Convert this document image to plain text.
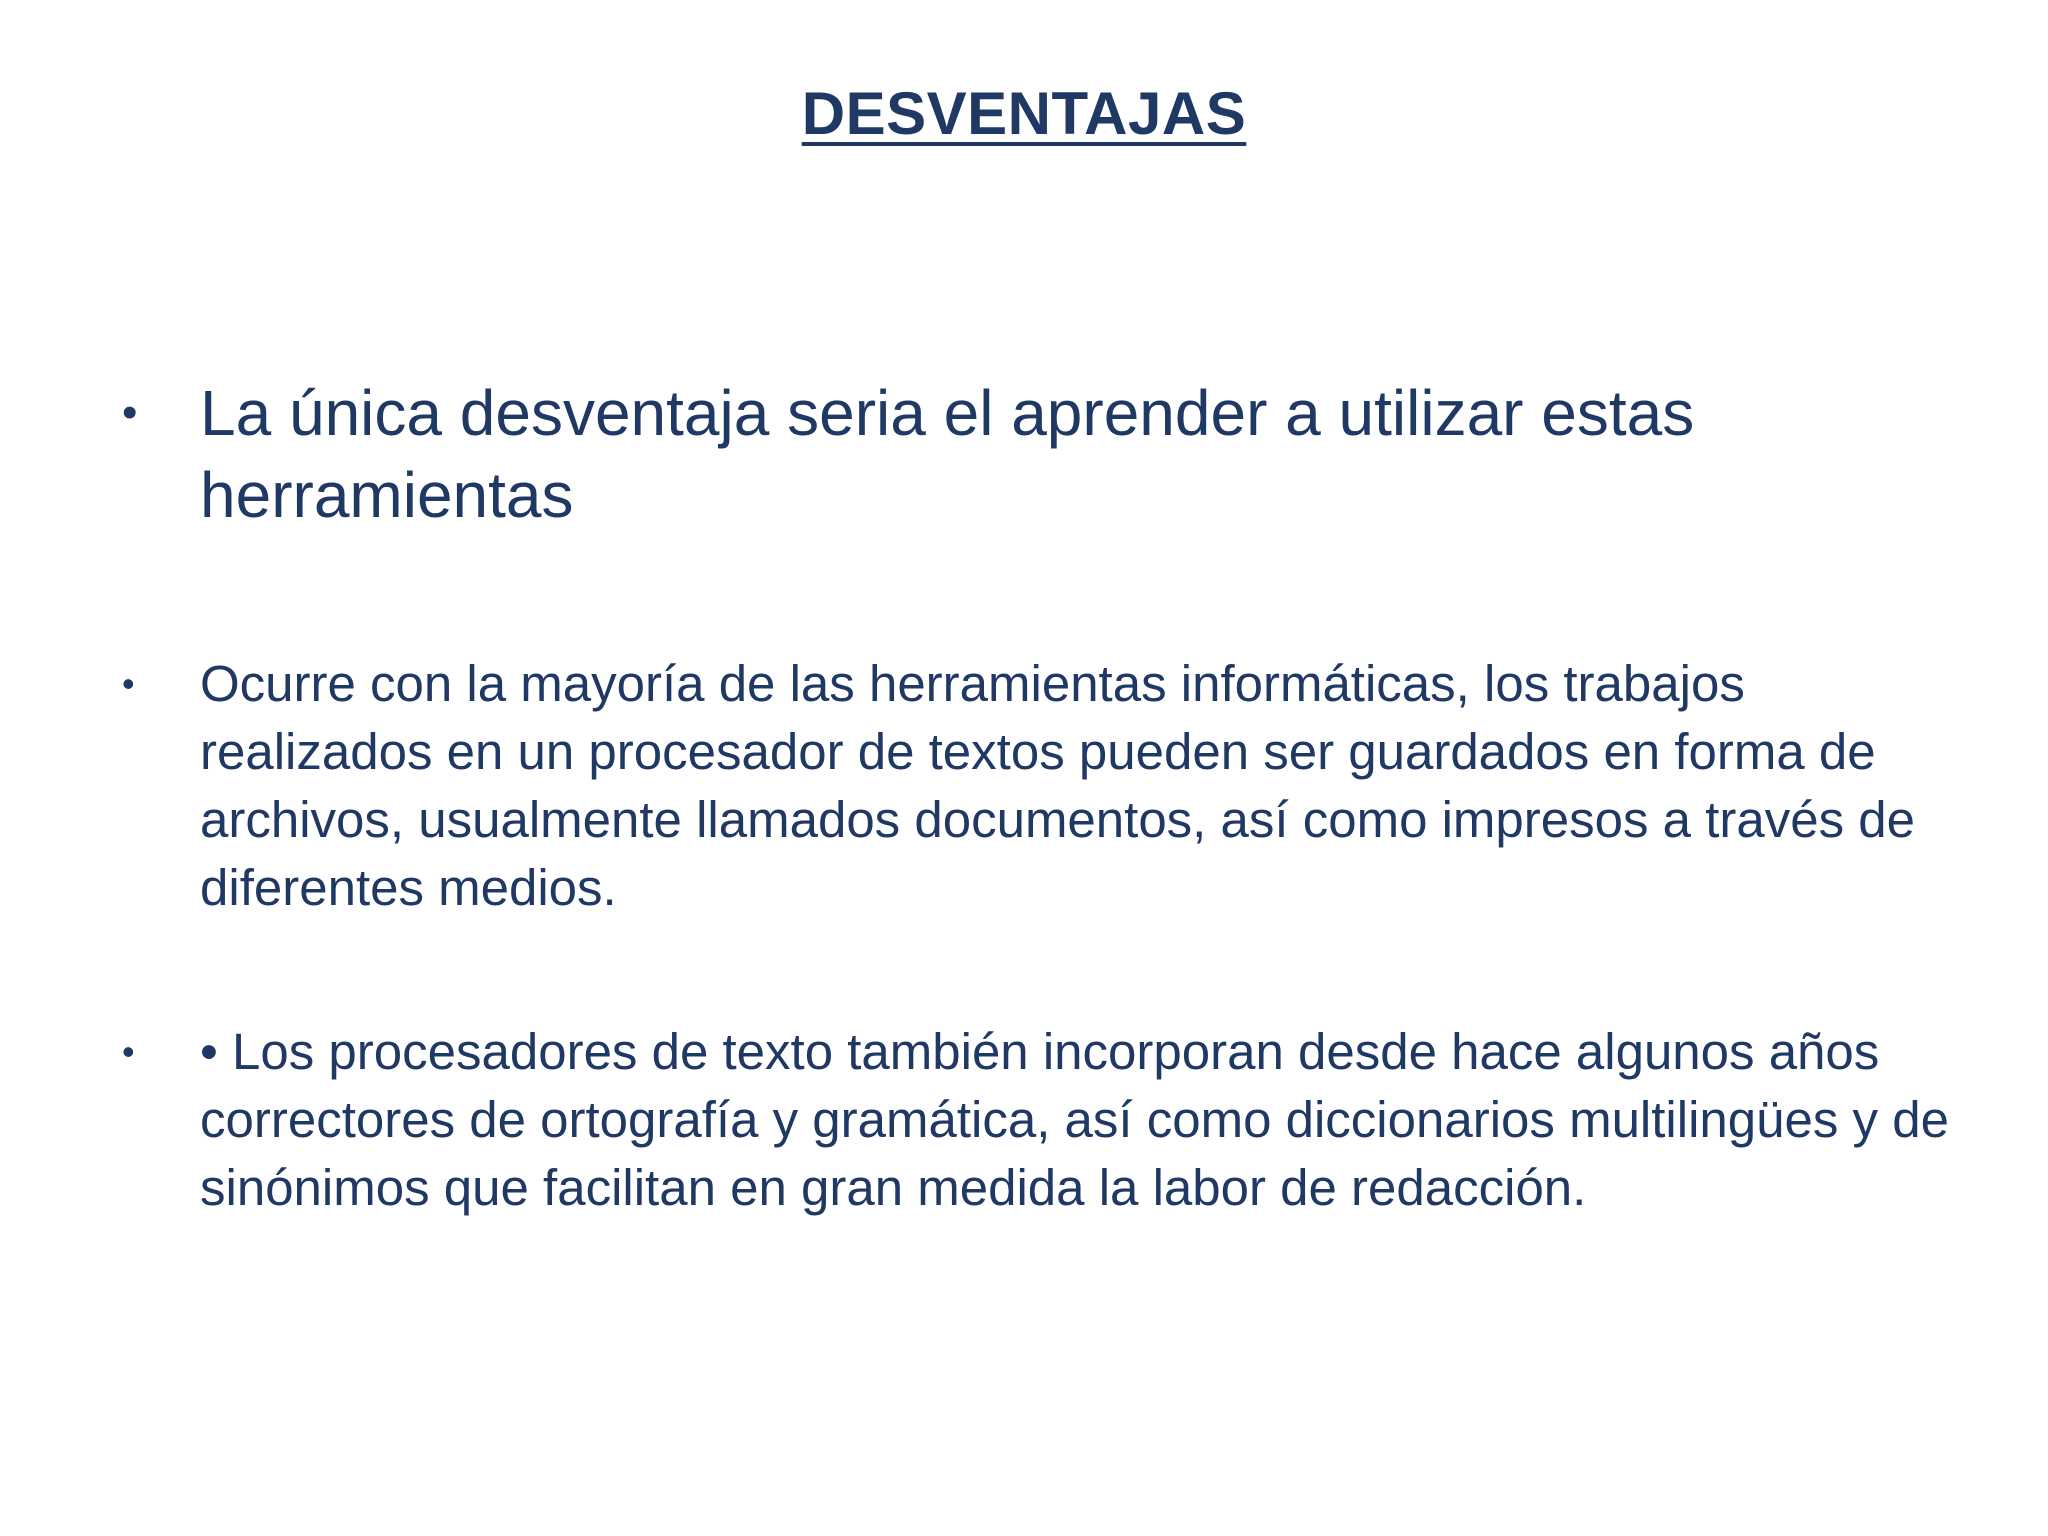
DESVENTAJAS
• La única desventaja seria el aprender a utilizar estas herramientas
•	Ocurre con la mayoría de las herramientas informáticas, los trabajos realizados en un procesador de textos pueden ser guardados en forma de archivos, usualmente llamados documentos, así como impresos a través de diferentes medios.
•	• Los procesadores de texto también incorporan desde hace algunos años correctores de ortografía y gramática, así como diccionarios multilingües y de sinónimos que facilitan en gran medida la labor de redacción.
